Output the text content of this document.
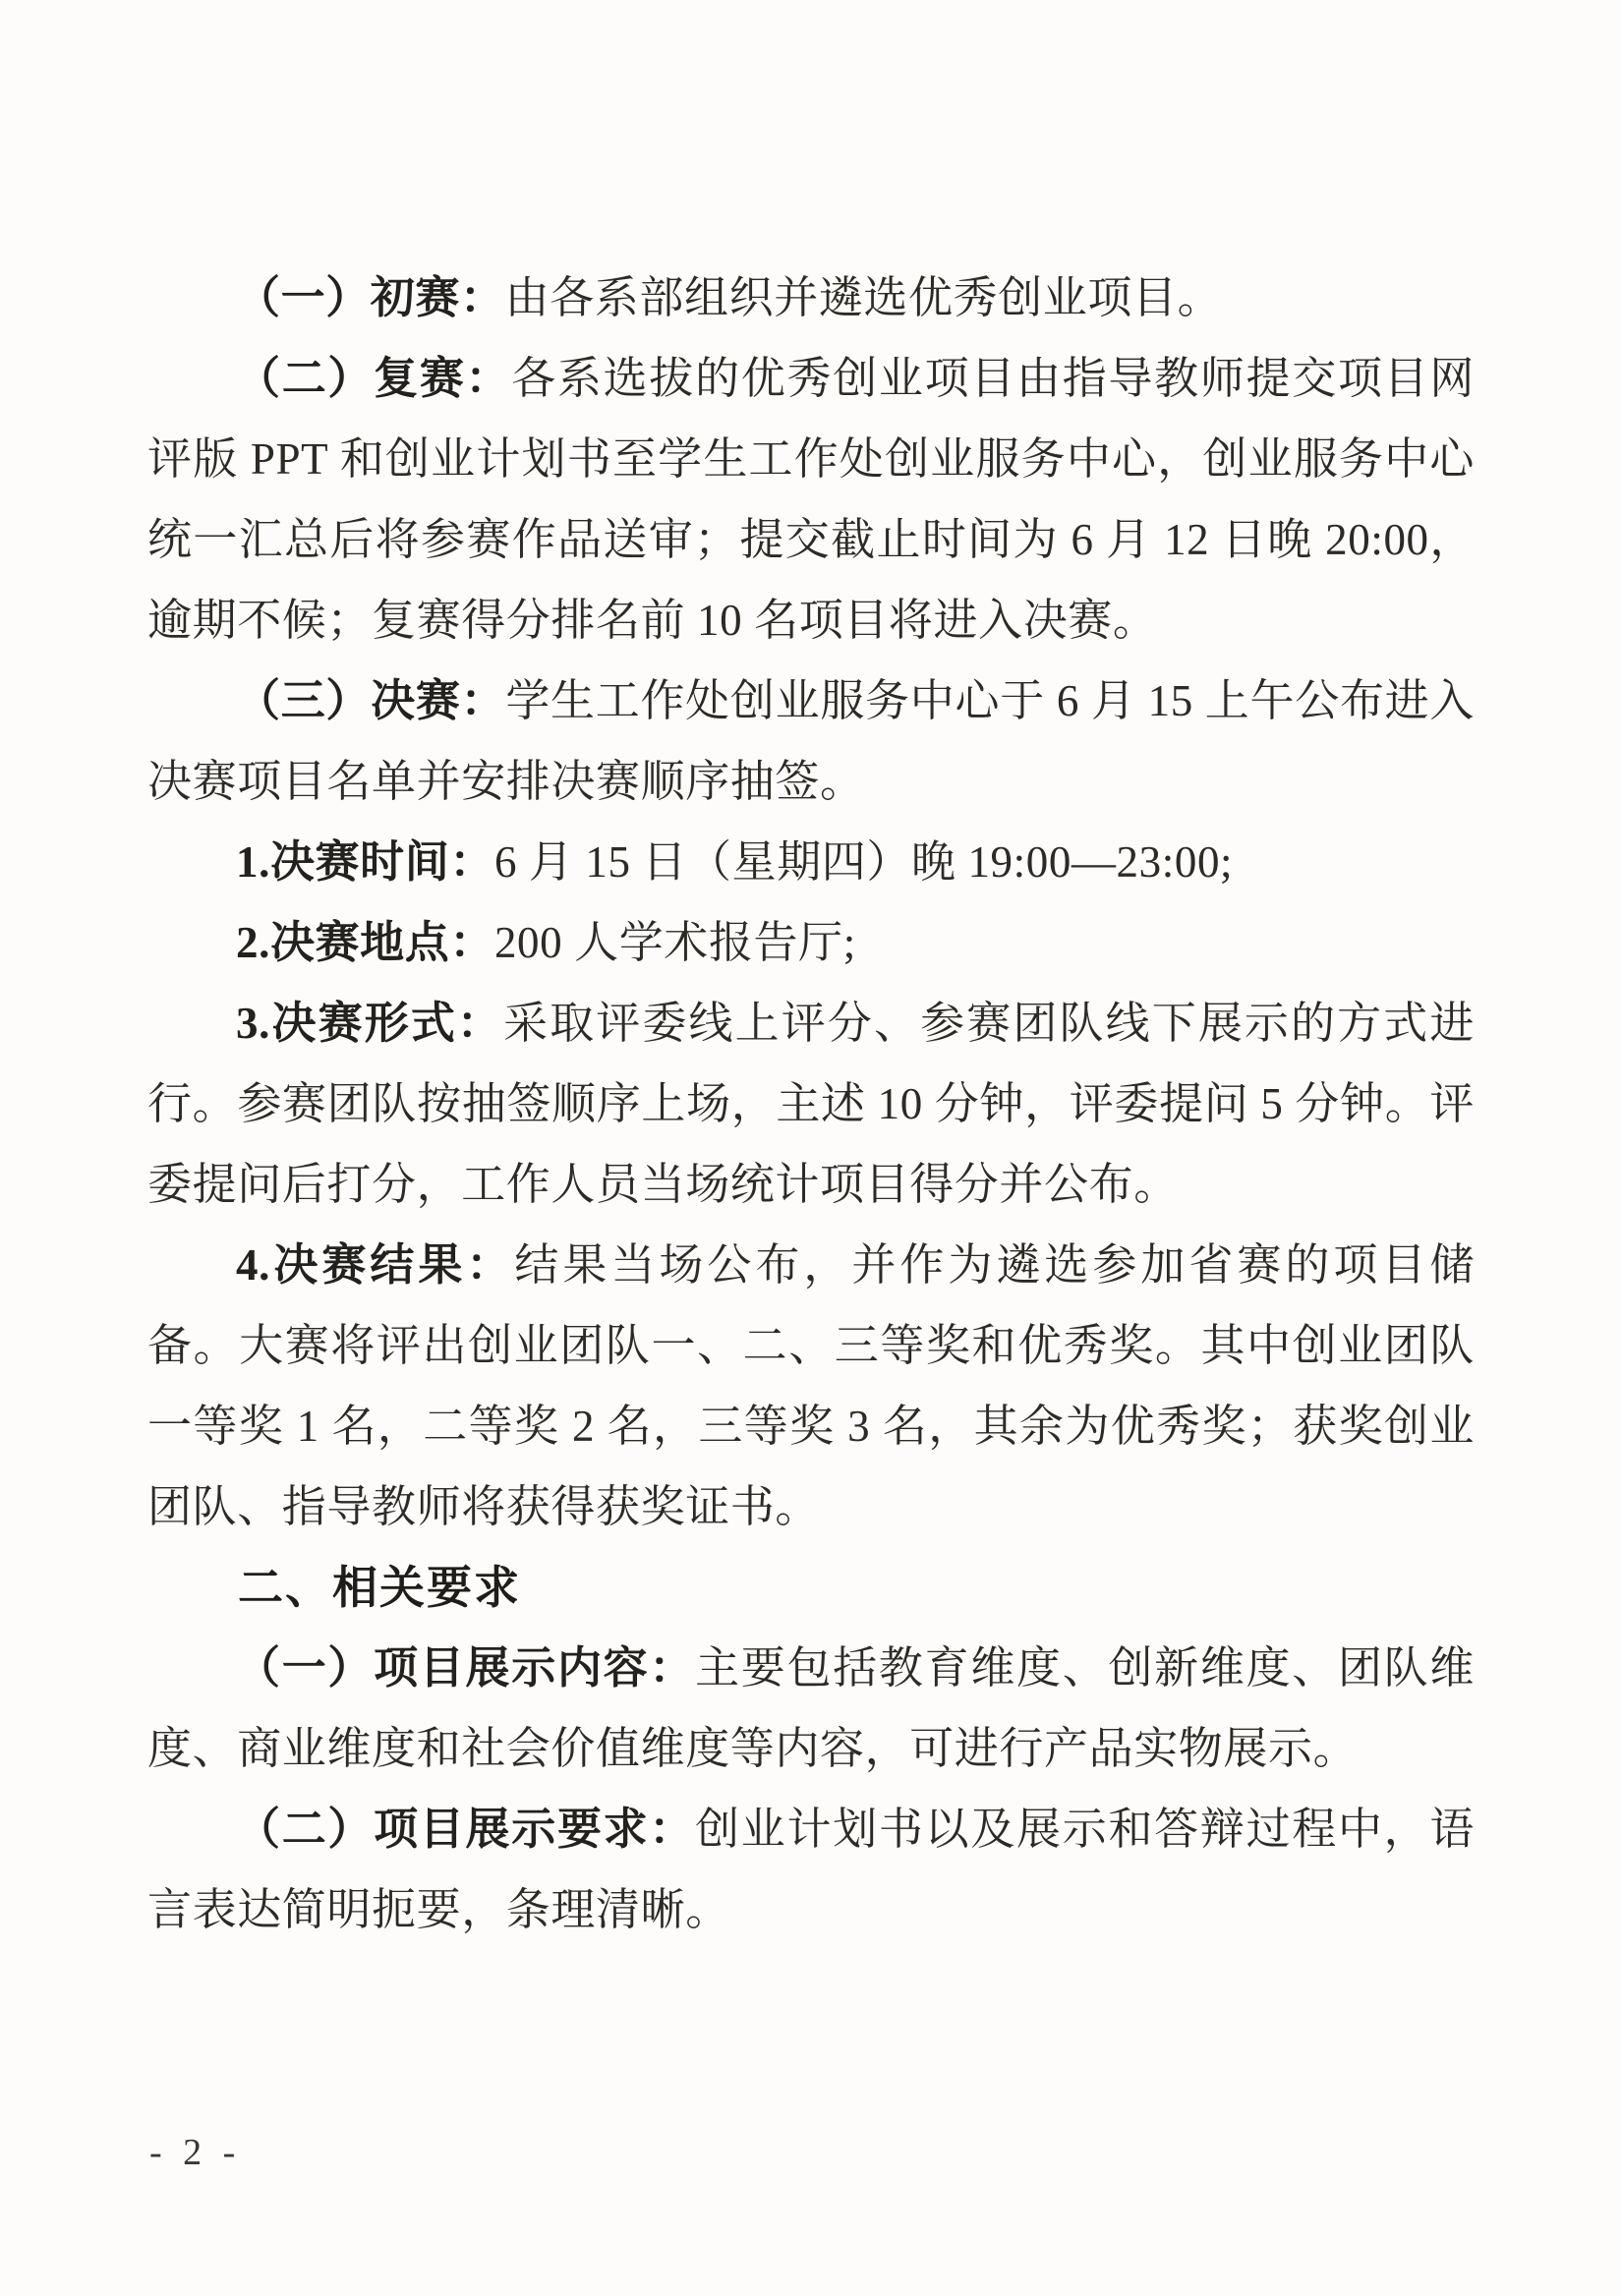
（一）初赛：由各系部组织并遴选优秀创业项目。

（二）复赛：各系选拔的优秀创业项目由指导教师提交项目网评版 PPT 和创业计划书至学生工作处创业服务中心，创业服务中心统一汇总后将参赛作品送审；提交截止时间为 6 月 12 日晚 20:00，逾期不候；复赛得分排名前 10 名项目将进入决赛。

（三）决赛：学生工作处创业服务中心于 6 月 15 上午公布进入决赛项目名单并安排决赛顺序抽签。

1.决赛时间：6 月 15 日（星期四）晚 19:00—23:00;

2.决赛地点：200 人学术报告厅;

3.决赛形式：采取评委线上评分、参赛团队线下展示的方式进行。参赛团队按抽签顺序上场，主述 10 分钟，评委提问 5 分钟。评委提问后打分，工作人员当场统计项目得分并公布。

4.决赛结果：结果当场公布，并作为遴选参加省赛的项目储备。大赛将评出创业团队一、二、三等奖和优秀奖。其中创业团队一等奖 1 名，二等奖 2 名，三等奖 3 名，其余为优秀奖；获奖创业团队、指导教师将获得获奖证书。

二、相关要求

（一）项目展示内容：主要包括教育维度、创新维度、团队维度、商业维度和社会价值维度等内容，可进行产品实物展示。

（二）项目展示要求：创业计划书以及展示和答辩过程中，语言表达简明扼要，条理清晰。

- 2 -
